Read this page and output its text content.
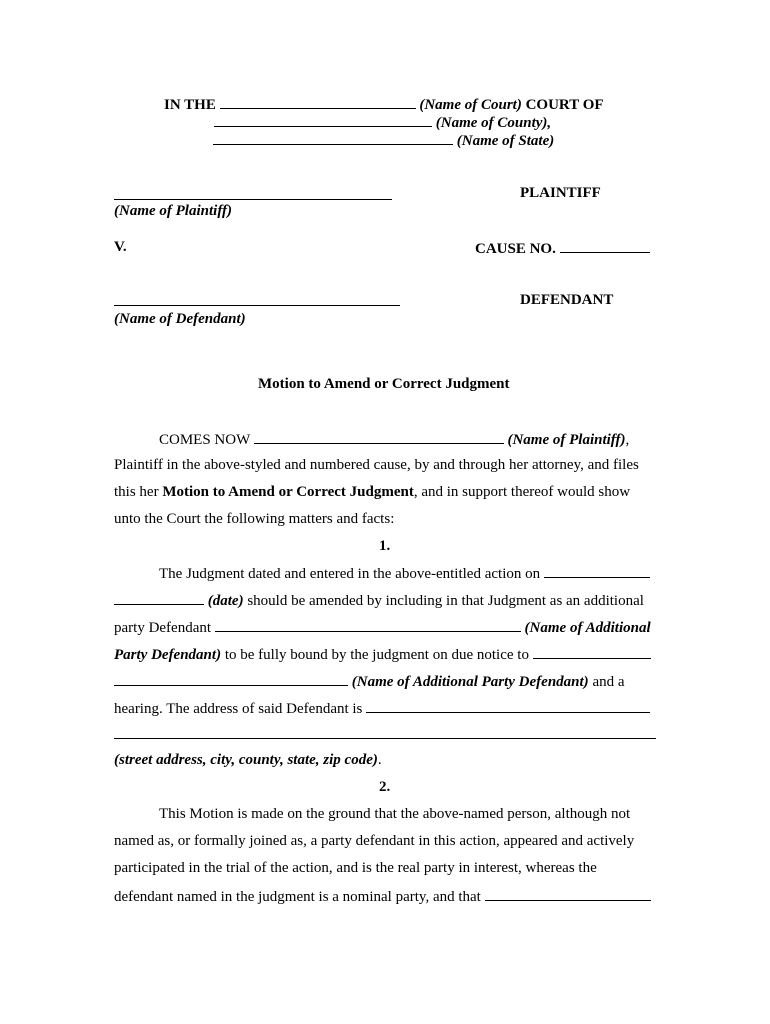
IN THE	(Name of Court) COURT OF
(Name of County),
(Name of State)
PLAINTIFF
(Name of Plaintiff)
V.	CAUSE NO.
DEFENDANT
(Name of Defendant)
Motion to Amend or Correct Judgment
COMES NOW	(Name of Plaintiff),
Plaintiff in the above-styled and numbered cause, by and through her attorney, and files
this her Motion to Amend or Correct Judgment, and in support thereof would show
unto the Court the following matters and facts:
1.
The Judgment dated and entered in the above-entitled action on
(date) should be amended by including in that Judgment as an additional
party Defendant	(Name of Additional
Party Defendant) to be fully bound by the judgment on due notice to
(Name of Additional Party Defendant) and a
hearing. The address of said Defendant is
(street address, city, county, state, zip code).
2.
This Motion is made on the ground that the above-named person, although not
named as, or formally joined as, a party defendant in this action, appeared and actively
participated in the trial of the action, and is the real party in interest, whereas the
defendant named in the judgment is a nominal party, and that
